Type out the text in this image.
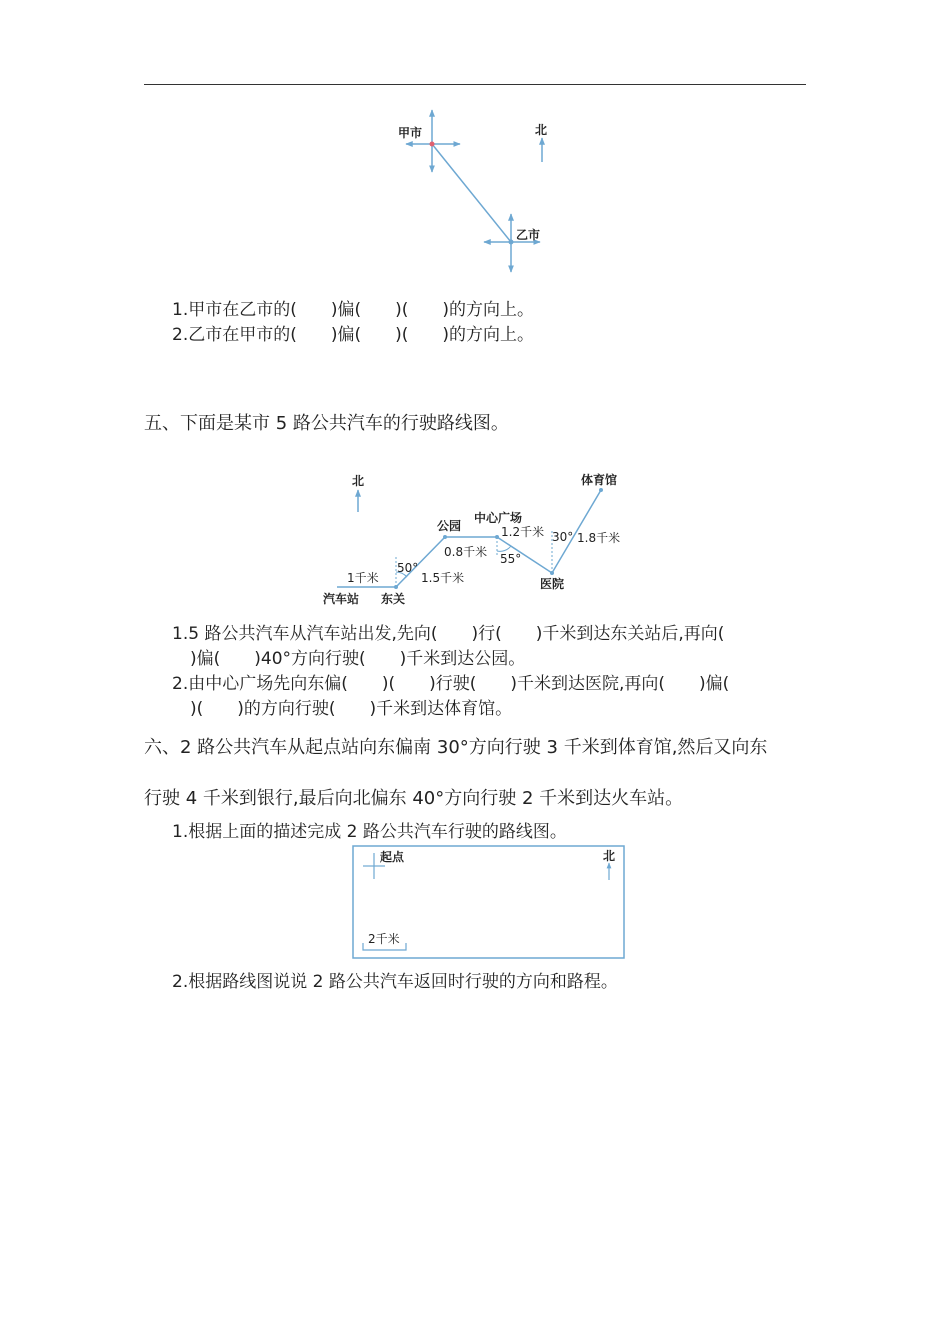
甲市
乙市
北
1.甲市在乙市的(　　)偏(　　)(　　)的方向上。
2.乙市在甲市的(　　)偏(　　)(　　)的方向上。
五、下面是某市 5 路公共汽车的行驶路线图。
北
汽车站 东关
公园
中心广场
医院
体育馆
1千米	1.5千米
0.8千米
1.2千米	1.8千米
50°
55°
30°
1.5 路公共汽车从汽车站出发,先向(　　)行(　　)千米到达东关站后,再向(
)偏(　　)40°方向行驶(　　)千米到达公园。
2.由中心广场先向东偏(　　)(　　)行驶(　　)千米到达医院,再向(　　)偏(
)(　　)的方向行驶(　　)千米到达体育馆。
六、2 路公共汽车从起点站向东偏南 30°方向行驶 3 千米到体育馆,然后又向东
行驶 4 千米到银行,最后向北偏东 40°方向行驶 2 千米到达火车站。
1.根据上面的描述完成 2 路公共汽车行驶的路线图。
起点	北
2千米
2.根据路线图说说 2 路公共汽车返回时行驶的方向和路程。
